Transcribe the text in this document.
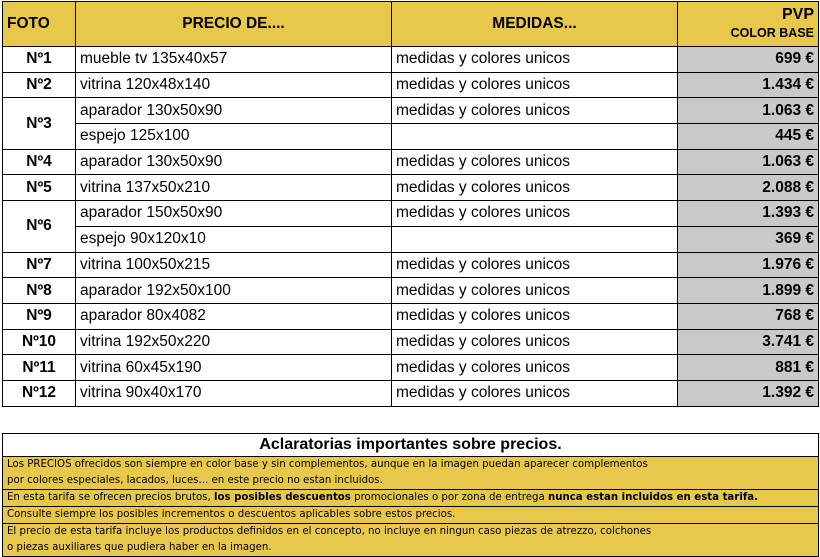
FOTO	PRECIO DE....	MEDIDAS...	PVP
COLOR BASE

Nº1	mueble tv 135x40x57	medidas y colores unicos	699 €
Nº2	vitrina 120x48x140	medidas y colores unicos	1.434 €
Nº3	aparador 130x50x90	medidas y colores unicos	1.063 €
	espejo 125x100		445 €
Nº4	aparador 130x50x90	medidas y colores unicos	1.063 €
Nº5	vitrina 137x50x210	medidas y colores unicos	2.088 €
Nº6	aparador 150x50x90	medidas y colores unicos	1.393 €
	espejo 90x120x10		369 €
Nº7	vitrina 100x50x215	medidas y colores unicos	1.976 €
Nº8	aparador 192x50x100	medidas y colores unicos	1.899 €
Nº9	aparador 80x4082	medidas y colores unicos	768 €
Nº10	vitrina 192x50x220	medidas y colores unicos	3.741 €
Nº11	vitrina 60x45x190	medidas y colores unicos	881 €
Nº12	vitrina 90x40x170	medidas y colores unicos	1.392 €
Aclaratorias importantes sobre precios.

Los PRECIOS ofrecidos son siempre en color base y sin complementos, aunque en la imagen puedan aparecer complementos
por colores especiales, lacados, luces... en este precio no estan incluidos.

En esta tarifa se ofrecen precios brutos, los posibles descuentos promocionales o por zona de entrega nunca estan incluidos en esta tarifa.
Consulte siempre los posibles incrementos o descuentos aplicables sobre estos precios.

El precio de esta tarifa incluye los productos definidos en el concepto, no incluye en ningun caso piezas de atrezzo, colchones
o piezas auxiliares que pudiera haber en la imagen.
